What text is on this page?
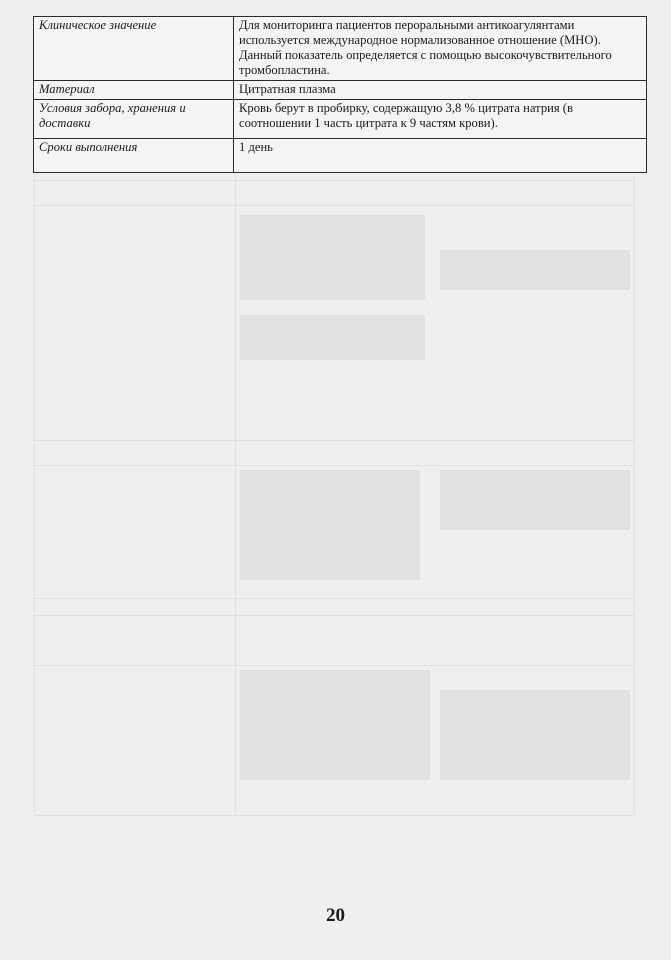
Клиническое значение	Для мониторинга пациентов пероральными антикоагулянтами используется международное нормализованное отношение (МНО). Данный показатель определяется с помощью высокочувствительного тромбопластина.
Материал	Цитратная плазма
Условия забора, хранения и доставки	Кровь берут в пробирку, содержащую 3,8 % цитрата натрия (в соотношении 1 часть цитрата к 9 частям крови).
Сроки выполнения	1 день
20
